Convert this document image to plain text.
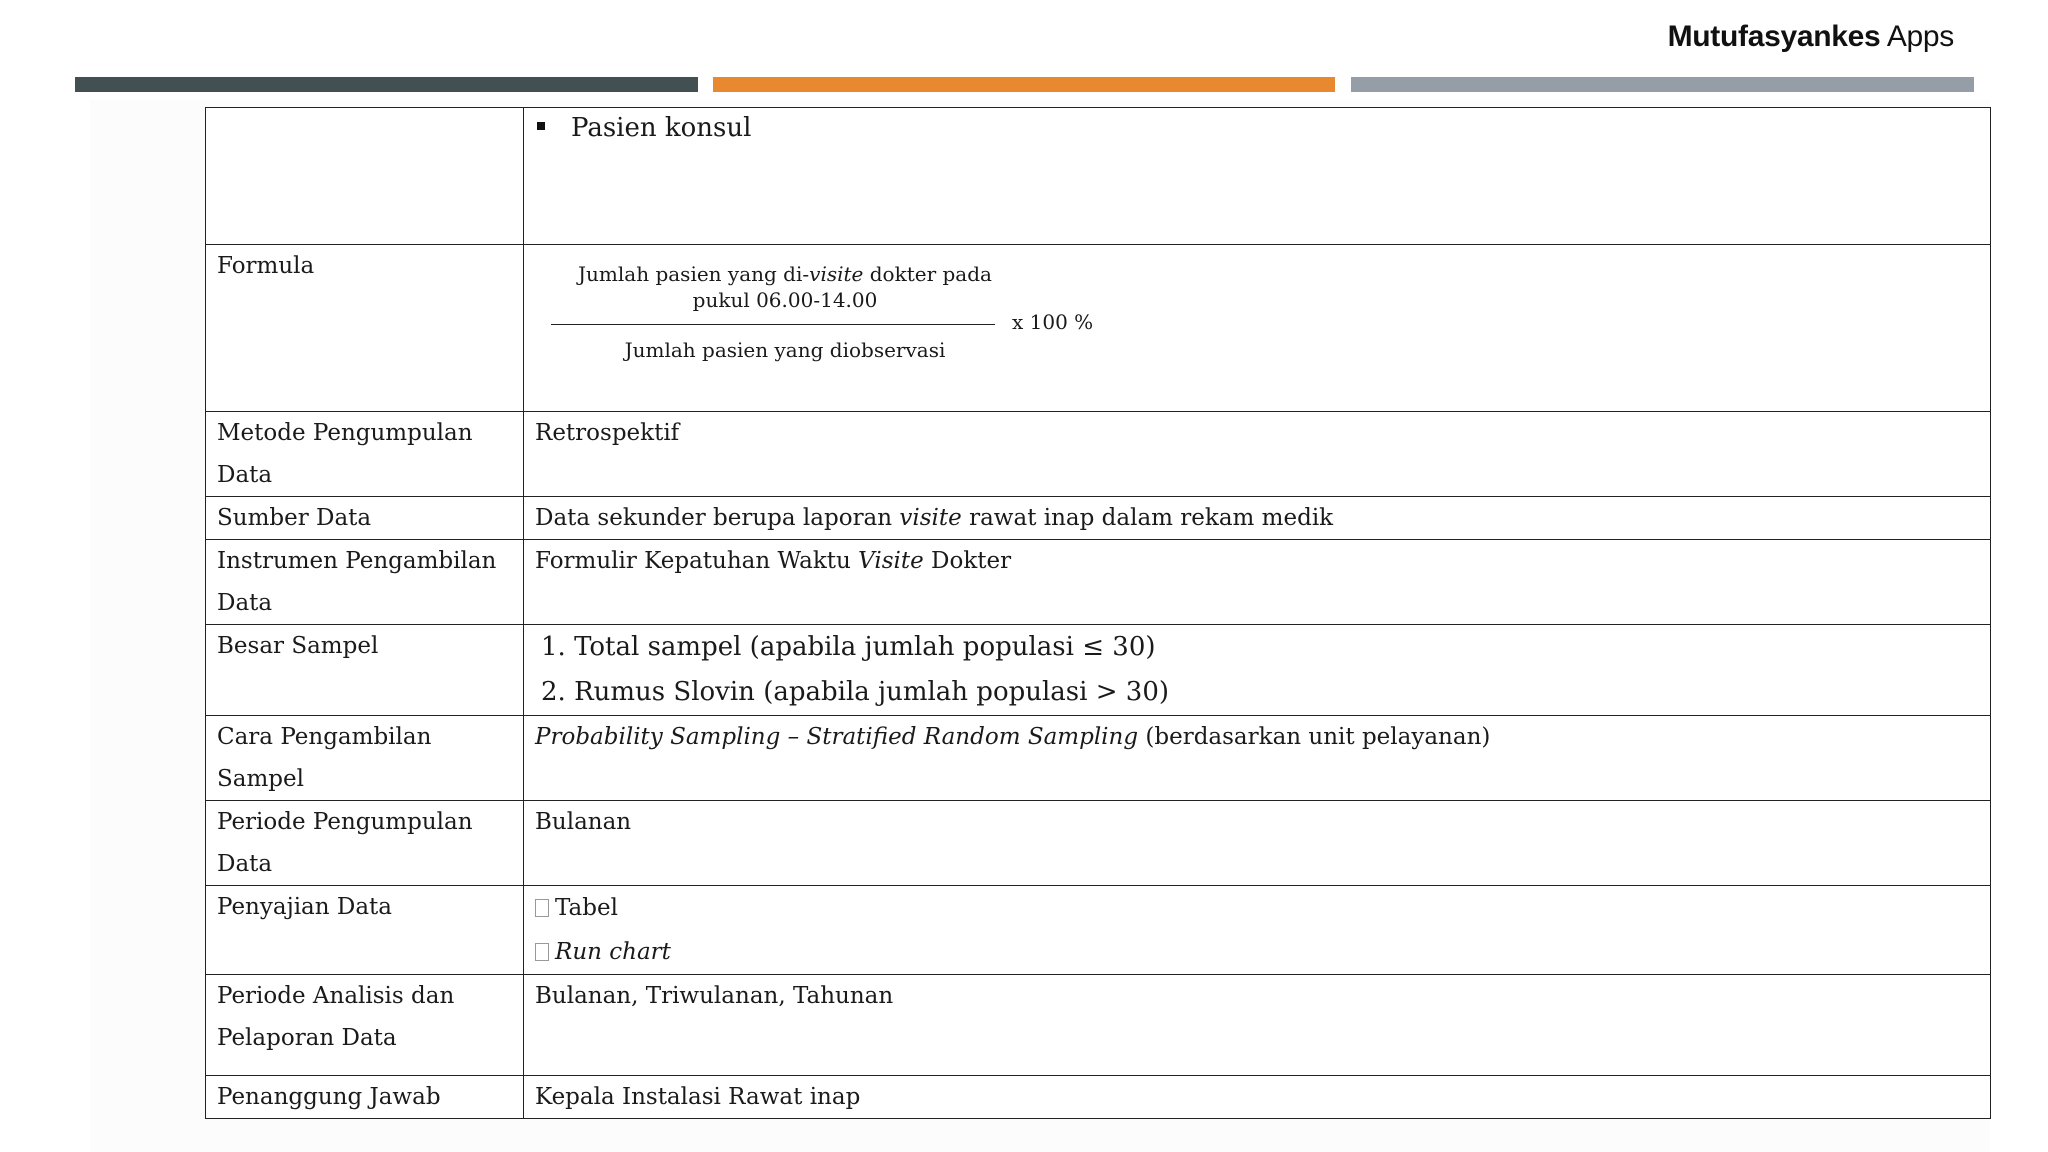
Mutufasyankes Apps

	Pasien konsul

Formula	Jumlah pasien yang di-visite dokter pada
pukul 06.00-14.00
Jumlah pasien yang diobservasi
x 100 %

Metode Pengumpulan
Data	Retrospektif
Sumber Data	Data sekunder berupa laporan visite rawat inap dalam rekam medik

Instrumen Pengambilan
Data	Formulir Kepatuhan Waktu Visite Dokter
Besar Sampel	1. Total sampel (apabila jumlah populasi ≤ 30)
2. Rumus Slovin (apabila jumlah populasi > 30)

Cara Pengambilan
Sampel	Probability Sampling – Stratified Random Sampling (berdasarkan unit pelayanan)

Periode Pengumpulan
Data	Bulanan
Penyajian Data	Tabel
Run chart

Periode Analisis dan
Pelaporan Data	Bulanan, Triwulanan, Tahunan
Penanggung Jawab	Kepala Instalasi Rawat inap
